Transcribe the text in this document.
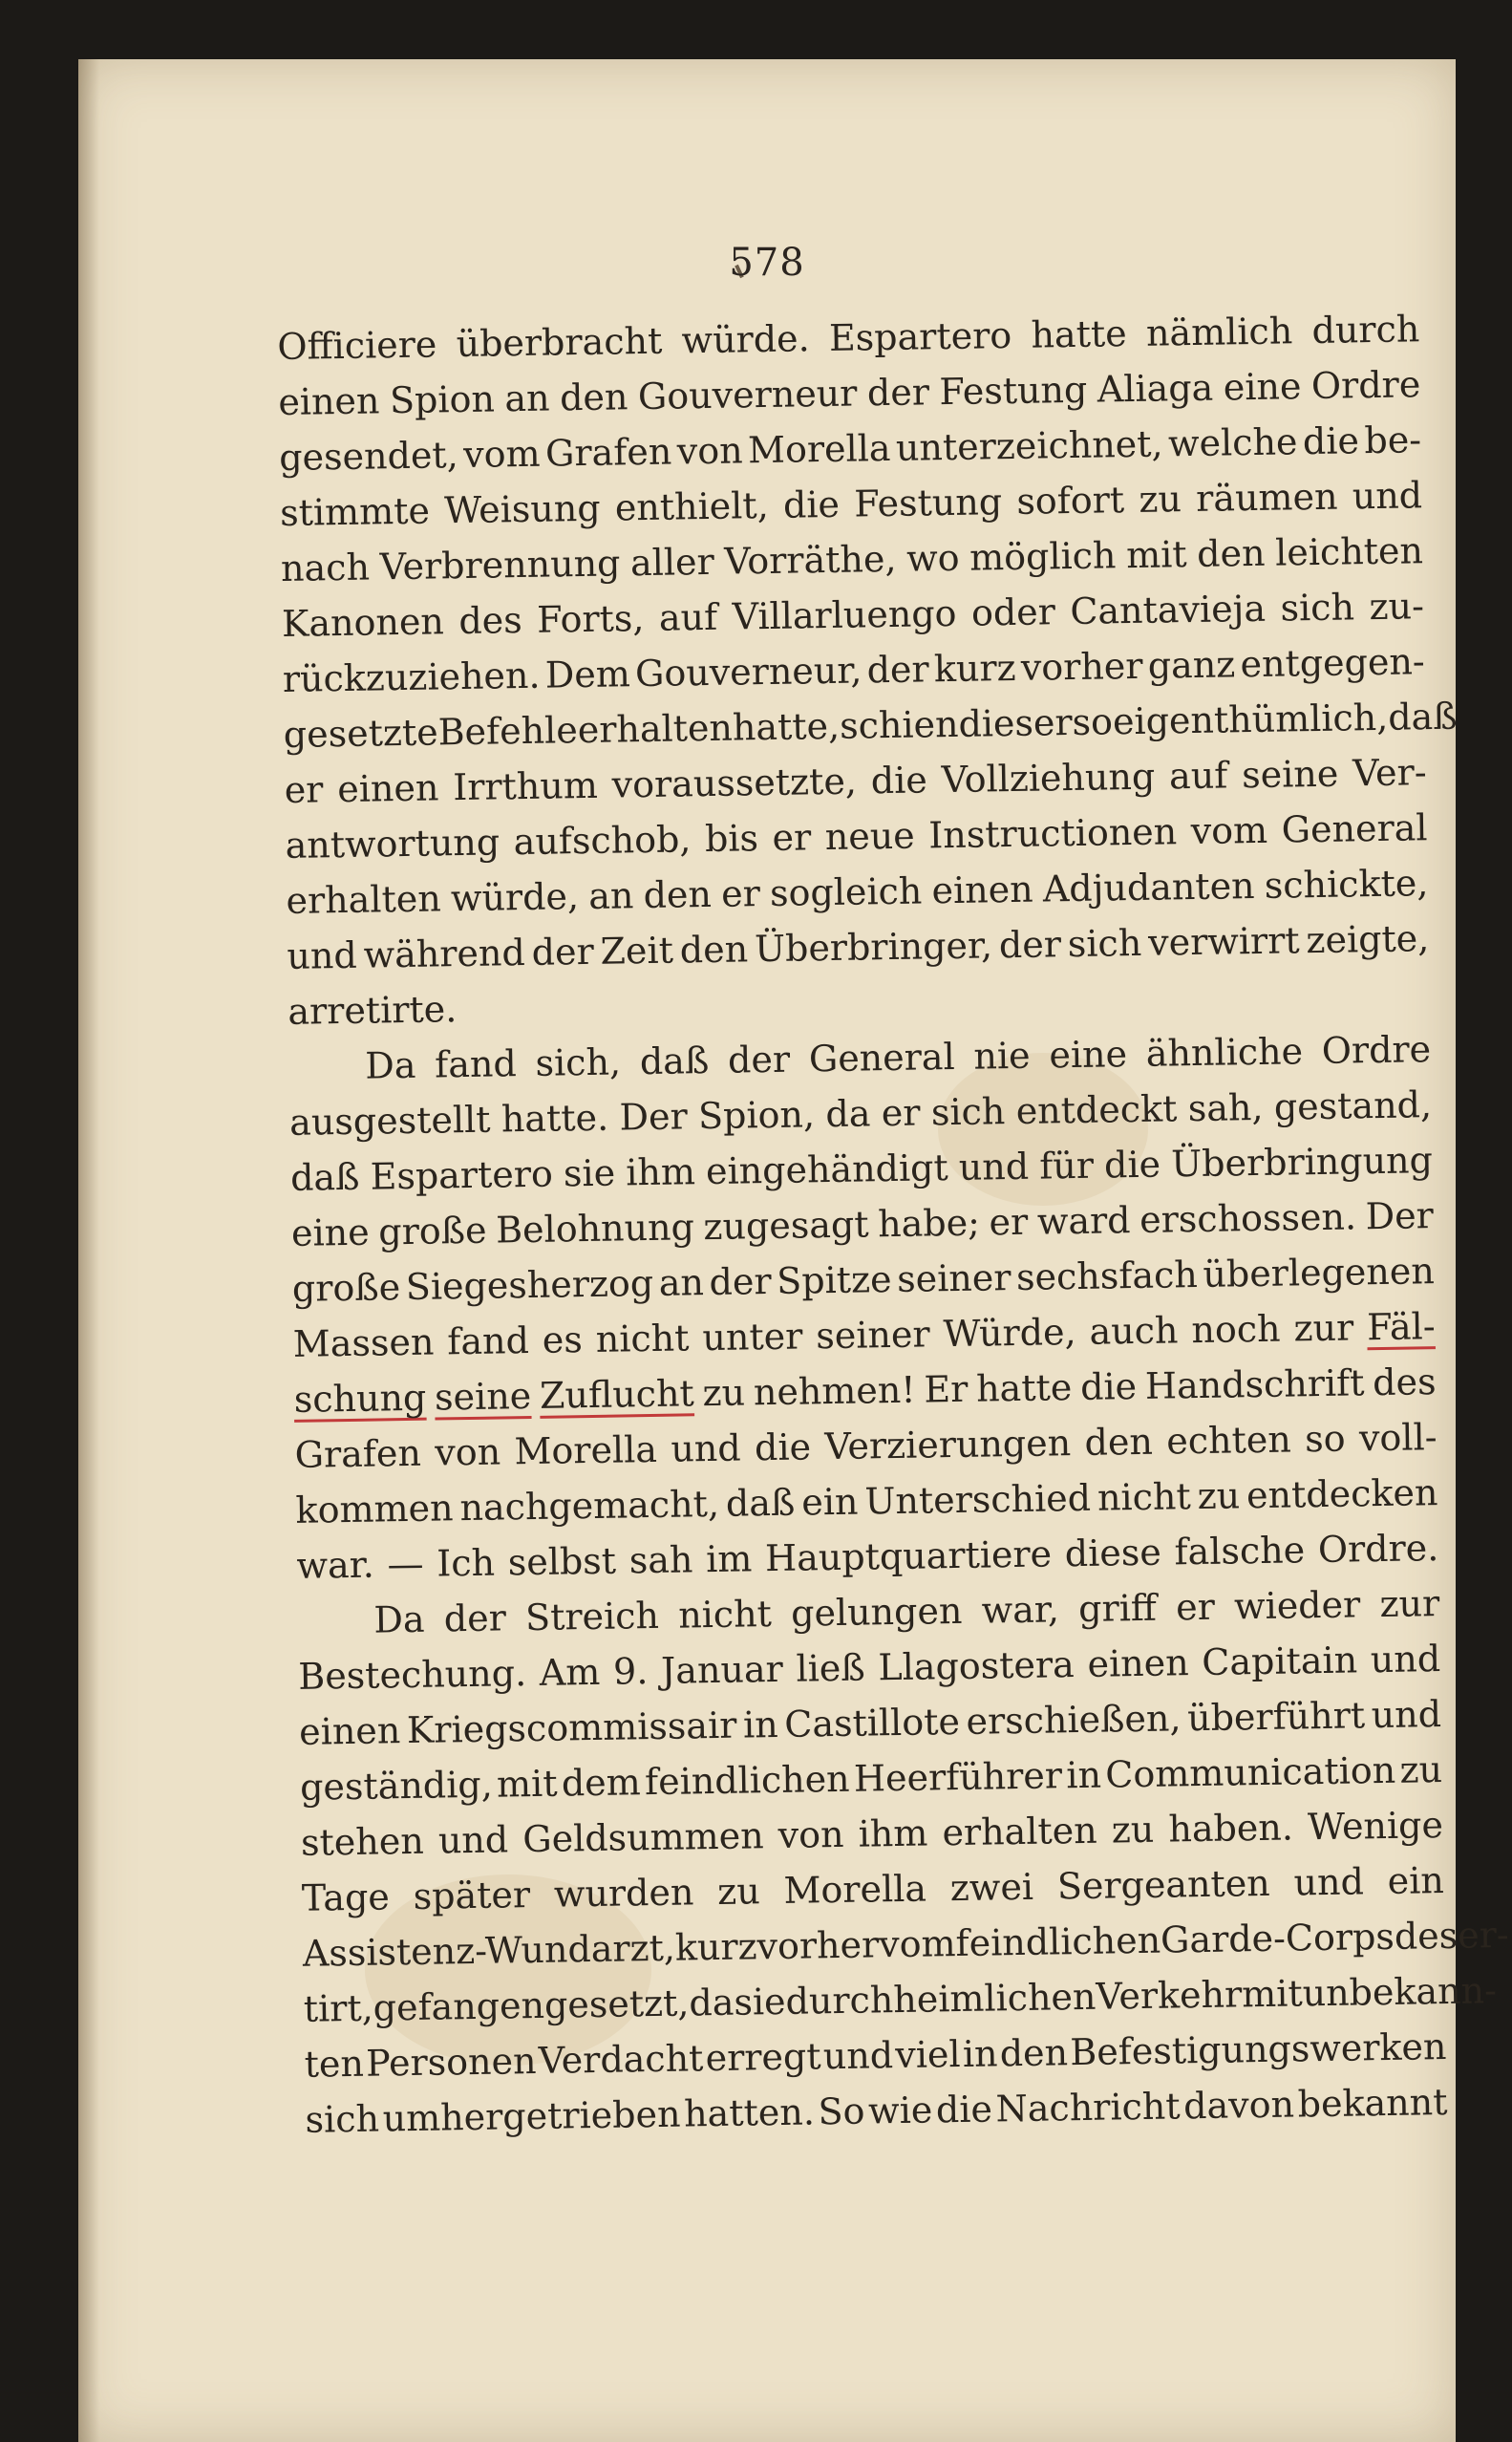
578
Officiere überbracht würde. Espartero hatte nämlich durch
einen Spion an den Gouverneur der Festung Aliaga eine Ordre
gesendet, vom Grafen von Morella unterzeichnet, welche die be-
stimmte Weisung enthielt, die Festung sofort zu räumen und
nach Verbrennung aller Vorräthe, wo möglich mit den leichten
Kanonen des Forts, auf Villarluengo oder Cantavieja sich zu-
rückzuziehen. Dem Gouverneur, der kurz vorher ganz entgegen-
gesetzte Befehle erhalten hatte, schien dieser so eigenthümlich, daß
er einen Irrthum voraussetzte, die Vollziehung auf seine Ver-
antwortung aufschob, bis er neue Instructionen vom General
erhalten würde, an den er sogleich einen Adjudanten schickte,
und während der Zeit den Überbringer, der sich verwirrt zeigte,
arretirte.
Da fand sich, daß der General nie eine ähnliche Ordre
ausgestellt hatte. Der Spion, da er sich entdeckt sah, gestand,
daß Espartero sie ihm eingehändigt und für die Überbringung
eine große Belohnung zugesagt habe; er ward erschossen. Der
große Siegesherzog an der Spitze seiner sechsfach überlegenen
Massen fand es nicht unter seiner Würde, auch noch zur Fäl-
schung seine Zuflucht zu nehmen! Er hatte die Handschrift des
Grafen von Morella und die Verzierungen den echten so voll-
kommen nachgemacht, daß ein Unterschied nicht zu entdecken
war. — Ich selbst sah im Hauptquartiere diese falsche Ordre.
Da der Streich nicht gelungen war, griff er wieder zur
Bestechung. Am 9. Januar ließ Llagostera einen Capitain und
einen Kriegscommissair in Castillote erschießen, überführt und
geständig, mit dem feindlichen Heerführer in Communication zu
stehen und Geldsummen von ihm erhalten zu haben. Wenige
Tage später wurden zu Morella zwei Sergeanten und ein
Assistenz-Wundarzt, kurz vorher vom feindlichen Garde-Corps deser-
tirt, gefangen gesetzt, da sie durch heimlichen Verkehr mit unbekann-
ten Personen Verdacht erregt und viel in den Befestigungswerken
sich umhergetrieben hatten. So wie die Nachricht davon bekannt
